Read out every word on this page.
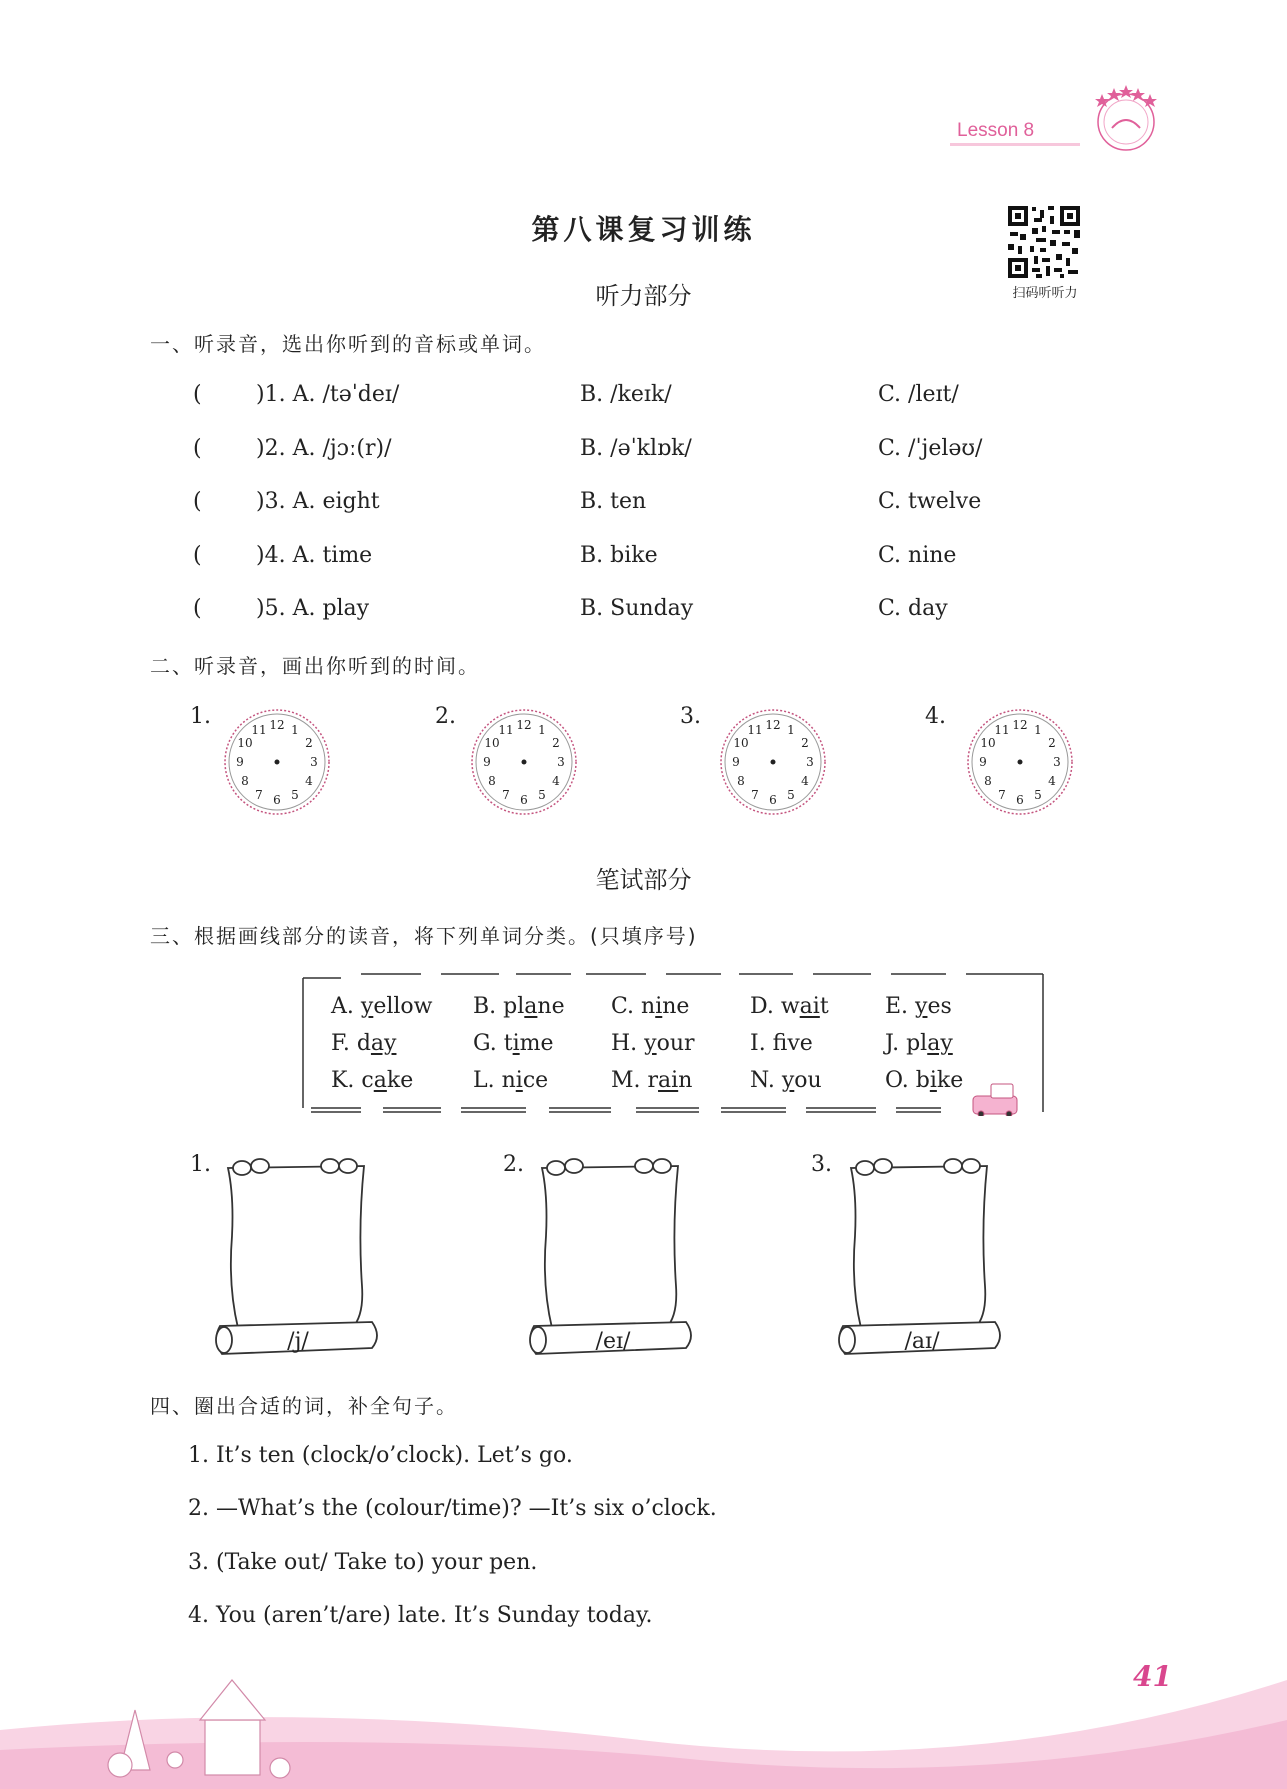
Lesson 8
第八课复习训练
扫码听听力
听力部分
一、听录音，选出你听到的音标或单词。
( )1. A. /təˈdeɪ/	B. /keɪk/	C. /leɪt/
( )2. A. /jɔː(r)/	B. /əˈklɒk/	C. /ˈjeləʊ/
( )3. A. eight	B. ten	C. twelve
( )4. A. time	B. bike	C. nine
( )5. A. play	B. Sunday	C. day
二、听录音，画出你听到的时间。
1.	2.	3.	4.
12 1
2
3
4
5
6
7
8
9
10
11	12 1
2
3
4
5
6
7
8
9
10
11	12 1
2
3
4
5
6
7
8
9
10
11	12 1
2
3
4
5
6
7
8
9
10
11
笔试部分
三、根据画线部分的读音，将下列单词分类。(只填序号)
A. yellow B. plane C. nine	D. wait	E. yes
F. day	G. time	H. your	I. fve	J. play
K. cake	L. nice	M. rain	N. you	O. bike
1.	2.	3.
/j/	/eɪ/	/aɪ/
四、圈出合适的词，补全句子。
1. It’s ten (clock/o’clock). Let’s go.
2. —What’s the (colour/time)? —It’s six o’clock.
3. (Take out/ Take to) your pen.
4. You (aren’t/are) late. It’s Sunday today.
41
